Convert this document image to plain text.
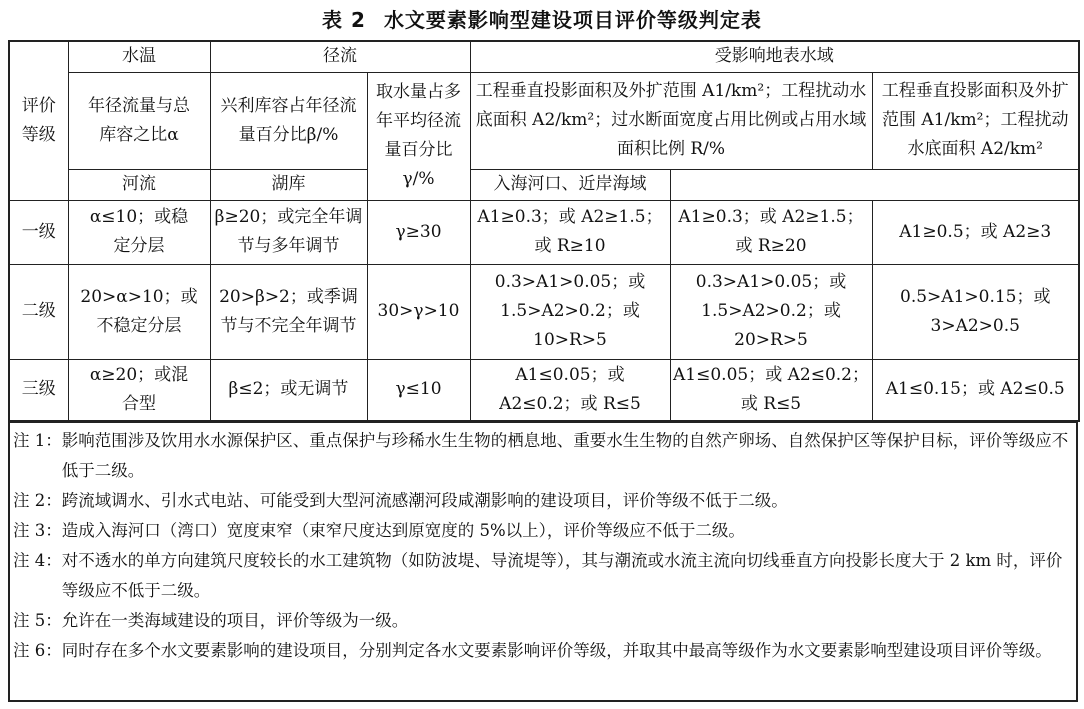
表 2 水文要素影响型建设项目评价等级判定表
评价等级	水温	径流		受影响地表水域		
	年径流量与总库容之比α	兴利库容占年径流量百分比β/%	取水量占多年平均径流量百分比 γ/%	工程垂直投影面积及外扩范围 A1/km²；工程扰动水底面积 A2/km²；过水断面宽度占用比例或占用水域面积比例 R/%		工程垂直投影面积及外扩范围 A1/km²；工程扰动水底面积 A2/km²

	河流	湖库		入海河口、近岸海域		
一级	α≤10；或稳定分层	β≥20；或完全年调节与多年调节	γ≥30	A1≥0.3；或 A2≥1.5；或 R≥10	A1≥0.3；或 A2≥1.5；或 R≥20	A1≥0.5；或 A2≥3
二级	20>α>10；或不稳定分层	20>β>2；或季调节与不完全年调节	30>γ>10	0.3>A1>0.05；或 1.5>A2>0.2；或 10>R>5	0.3>A1>0.05；或 1.5>A2>0.2；或 20>R>5	0.5>A1>0.15；或 3>A2>0.5
三级	α≥20；或混合型	β≤2；或无调节	γ≤10	A1≤0.05；或 A2≤0.2；或 R≤5	A1≤0.05；或 A2≤0.2；或 R≤5	A1≤0.15；或 A2≤0.5
注 1： 影响范围涉及饮用水水源保护区、重点保护与珍稀水生生物的栖息地、重要水生生物的自然产卵场、自然保护区等保护目标，评价等级应不低于二级。
注 2： 跨流域调水、引水式电站、可能受到大型河流感潮河段咸潮影响的建设项目，评价等级不低于二级。
注 3： 造成入海河口（湾口）宽度束窄（束窄尺度达到原宽度的 5%以上），评价等级应不低于二级。
注 4： 对不透水的单方向建筑尺度较长的水工建筑物（如防波堤、导流堤等），其与潮流或水流主流向切线垂直方向投影长度大于 2 km 时，评价等级应不低于二级。
注 5： 允许在一类海域建设的项目，评价等级为一级。
注 6： 同时存在多个水文要素影响的建设项目，分别判定各水文要素影响评价等级，并取其中最高等级作为水文要素影响型建设项目评价等级。
